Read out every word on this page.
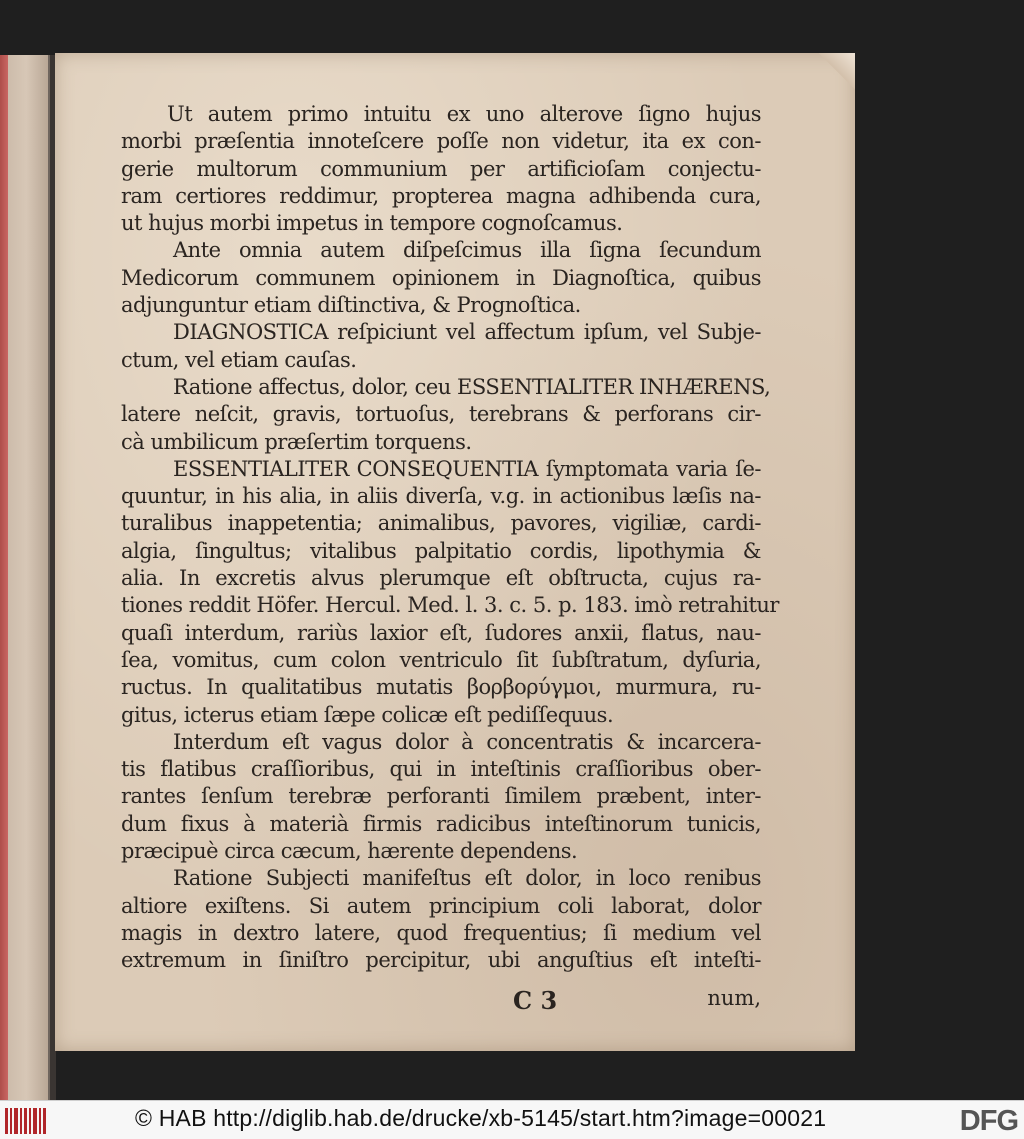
Ut autem primo intuitu ex uno alterove ſigno hujus
morbi præſentia innoteſcere poſſe non videtur, ita ex con-
gerie multorum communium per artificioſam conjectu-
ram certiores reddimur, propterea magna adhibenda cura,
ut hujus morbi impetus in tempore cognoſcamus.
Ante omnia autem diſpeſcimus illa ſigna ſecundum
Medicorum communem opinionem in Diagnoſtica, quibus
adjunguntur etiam diſtinctiva, & Prognoſtica.
DIAGNOSTICA reſpiciunt vel affectum ipſum, vel Subje-
ctum, vel etiam cauſas.
Ratione affectus, dolor, ceu ESSENTIALITER INHÆRENS,
latere neſcit, gravis, tortuoſus, terebrans & perforans cir-
cà umbilicum præſertim torquens.
ESSENTIALITER CONSEQUENTIA ſymptomata varia ſe-
quuntur, in his alia, in aliis diverſa, v.g. in actionibus læſis na-
turalibus inappetentia; animalibus, pavores, vigiliæ, cardi-
algia, ſingultus; vitalibus palpitatio cordis, lipothymia &
alia. In excretis alvus plerumque eſt obſtructa, cujus ra-
tiones reddit Höfer. Hercul. Med. l. 3. c. 5. p. 183. imò retrahitur
quaſi interdum, rariùs laxior eſt, ſudores anxii, flatus, nau-
ſea, vomitus, cum colon ventriculo ſit ſubſtratum, dyſuria,
ructus. In qualitatibus mutatis βορβορύγμοι, murmura, ru-
gitus, icterus etiam ſæpe colicæ eſt pediſſequus.
Interdum eſt vagus dolor à concentratis & incarcera-
tis flatibus craſſioribus, qui in inteſtinis craſſioribus ober-
rantes ſenſum terebræ perforanti ſimilem præbent, inter-
dum fixus à materià firmis radicibus inteſtinorum tunicis,
præcipuè circa cæcum, hærente dependens.
Ratione Subjecti manifeſtus eſt dolor, in loco renibus
altiore exiſtens. Si autem principium coli laborat, dolor
magis in dextro latere, quod frequentius; ſi medium vel
extremum in ſiniſtro percipitur, ubi anguſtius eſt inteſti-
C 3	num,
© HAB http://diglib.hab.de/drucke/xb-5145/start.htm?image=00021	DFG
